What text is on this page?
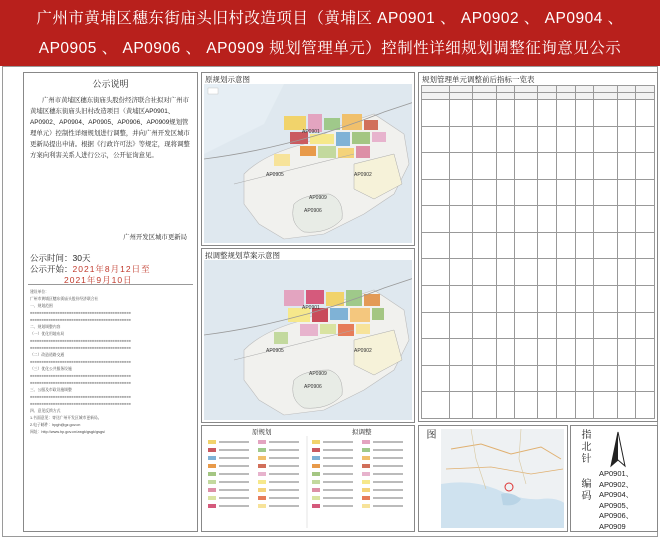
广州市黄埔区穗东街庙头旧村改造项目（黄埔区 AP0901 、 AP0902 、 AP0904 、
AP0905 、 AP0906 、 AP0909 规划管理单元）控制性详细规划调整征询意见公示
公示说明
广州市黄埔区穗东街庙头股份经济联合社拟对广州市黄埔区穗东街庙头旧村改造项目（黄埔区AP0901、AP0902、AP0904、AP0905、AP0906、AP0909规划管理单元）控制性详细规划进行调整，并向广州开发区城市更新局提出申请。根据《行政许可法》等规定，现将调整方案向利害关系人进行公示，公开征询意见。
广州开发区城市更新局
公示时间：30天
公示开始：2021年8月12日至
2021年9月10日

建设单位：

广州市黄埔区穗东街庙头股份经济联合社

一、规划范围

■■■■■■■■■■■■■■■■■■■■■■■■■■■■■■■■■■■■■■■■■■■■

■■■■■■■■■■■■■■■■■■■■■■■■■■■■■■■■■■■■■■■■■■■■

二、规划调整内容

（一）优化用地布局

■■■■■■■■■■■■■■■■■■■■■■■■■■■■■■■■■■■■■■■■■■■■

■■■■■■■■■■■■■■■■■■■■■■■■■■■■■■■■■■■■■■■■■■■■

（二）改造道路交通

■■■■■■■■■■■■■■■■■■■■■■■■■■■■■■■■■■■■■■■■■■■■

（三）优化公共服务设施

■■■■■■■■■■■■■■■■■■■■■■■■■■■■■■■■■■■■■■■■■■■■

■■■■■■■■■■■■■■■■■■■■■■■■■■■■■■■■■■■■■■■■■■■■

三、公服及市政设施调整

■■■■■■■■■■■■■■■■■■■■■■■■■■■■■■■■■■■■■■■■■■■■

■■■■■■■■■■■■■■■■■■■■■■■■■■■■■■■■■■■■■■■■■■■■

四、意见反馈方式

1.书面意见：寄送广州开发区城市更新局。

2.电子邮件：hpgh@gz.gov.cn

网址：http://www.hp.gov.cn/zwgk/gsgk/gsgs/

原规划示意图
AP0901
AP0902
AP0905
AP0906
AP0909
拟调整规划草案示意图
AP0901
AP0902
AP0905
AP0906
AP0909
原规划	拟调整
规划管理单元调整前后指标一览表

图	指北针
编码
AP0901、
AP0902、
AP0904、
AP0905、
AP0906、
AP0909
